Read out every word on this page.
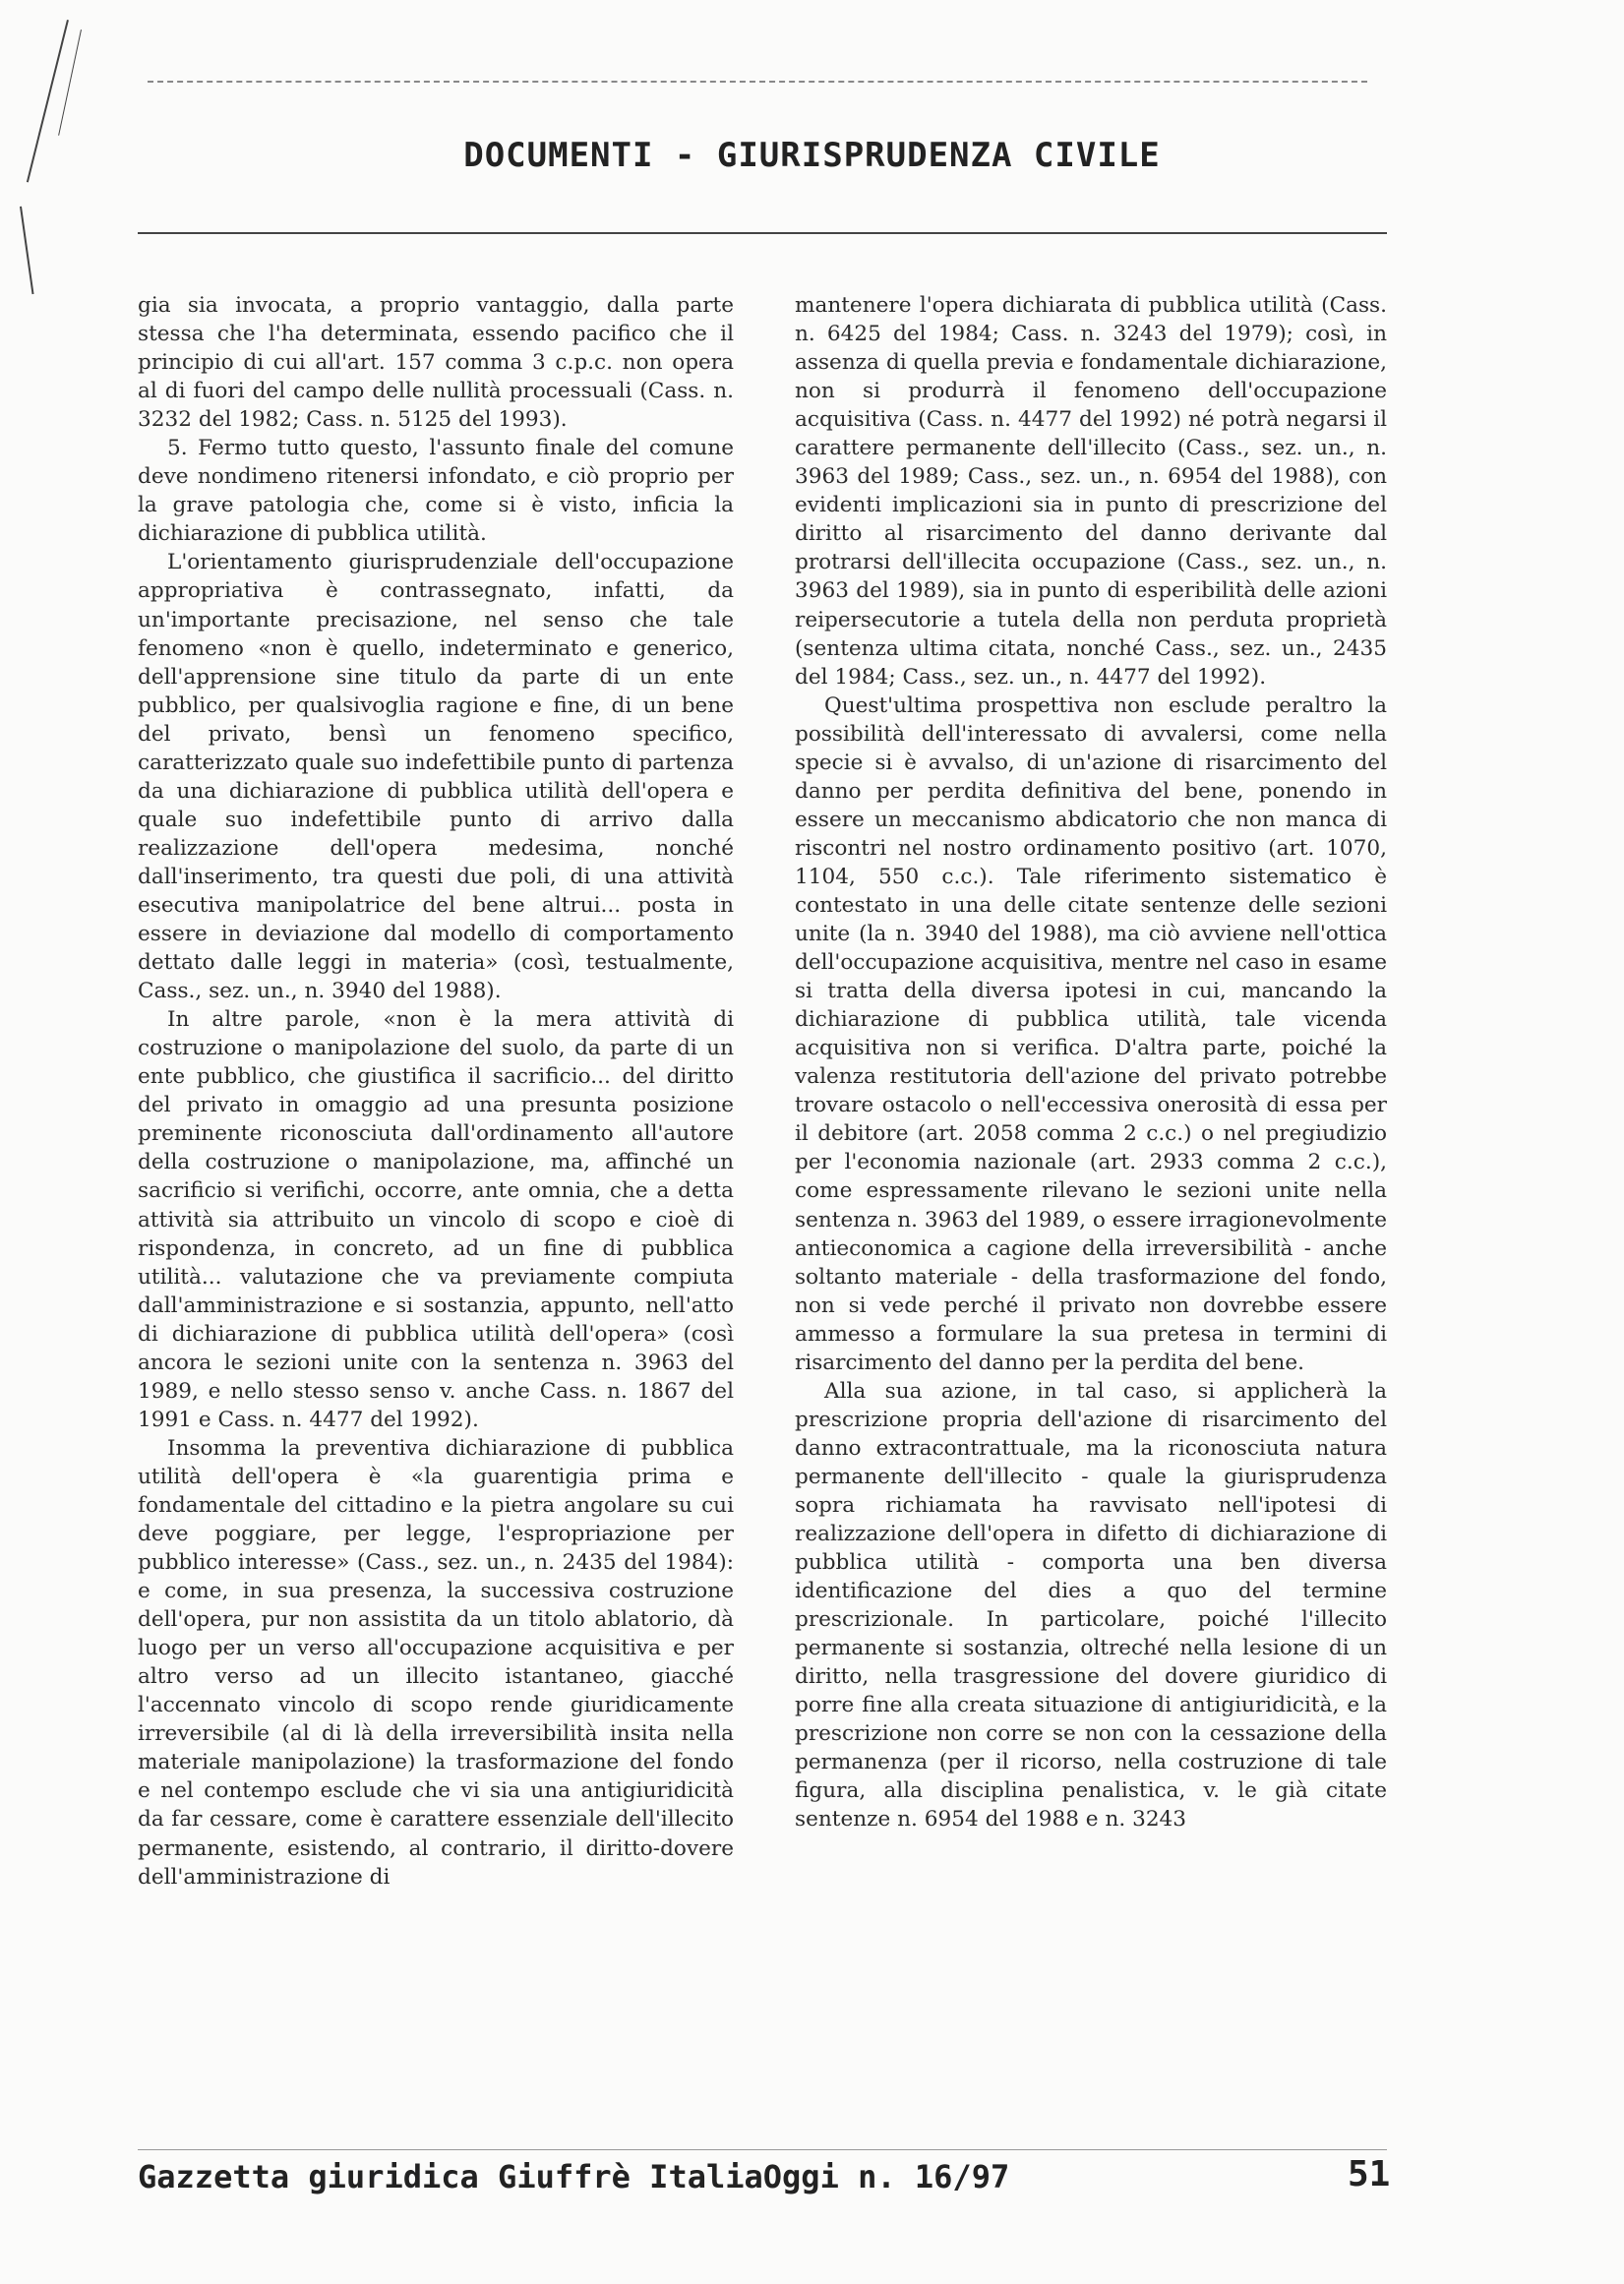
DOCUMENTI - GIURISPRUDENZA CIVILE

gia sia invocata, a proprio vantaggio, dalla parte stessa che l'ha determinata, essendo pacifico che il principio di cui all'art. 157 comma 3 c.p.c. non opera al di fuori del campo delle nullità processuali (Cass. n. 3232 del 1982; Cass. n. 5125 del 1993).

5. Fermo tutto questo, l'assunto finale del comune deve nondimeno ritenersi infondato, e ciò proprio per la grave patologia che, come si è visto, inficia la dichiarazione di pubblica utilità.

L'orientamento giurisprudenziale dell'occupazione appropriativa è contrassegnato, infatti, da un'importante precisazione, nel senso che tale fenomeno «non è quello, indeterminato e generico, dell'apprensione sine titulo da parte di un ente pubblico, per qualsivoglia ragione e fine, di un bene del privato, bensì un fenomeno specifico, caratterizzato quale suo indefettibile punto di partenza da una dichiarazione di pubblica utilità dell'opera e quale suo indefettibile punto di arrivo dalla realizzazione dell'opera medesima, nonché dall'inserimento, tra questi due poli, di una attività esecutiva manipolatrice del bene altrui... posta in essere in deviazione dal modello di comportamento dettato dalle leggi in materia» (così, testualmente, Cass., sez. un., n. 3940 del 1988).

In altre parole, «non è la mera attività di costruzione o manipolazione del suolo, da parte di un ente pubblico, che giustifica il sacrificio... del diritto del privato in omaggio ad una presunta posizione preminente riconosciuta dall'ordinamento all'autore della costruzione o manipolazione, ma, affinché un sacrificio si verifichi, occorre, ante omnia, che a detta attività sia attribuito un vincolo di scopo e cioè di rispondenza, in concreto, ad un fine di pubblica utilità... valutazione che va previamente compiuta dall'amministrazione e si sostanzia, appunto, nell'atto di dichiarazione di pubblica utilità dell'opera» (così ancora le sezioni unite con la sentenza n. 3963 del 1989, e nello stesso senso v. anche Cass. n. 1867 del 1991 e Cass. n. 4477 del 1992).

Insomma la preventiva dichiarazione di pubblica utilità dell'opera è «la guarentigia prima e fondamentale del cittadino e la pietra angolare su cui deve poggiare, per legge, l'espropriazione per pubblico interesse» (Cass., sez. un., n. 2435 del 1984): e come, in sua presenza, la successiva costruzione dell'opera, pur non assistita da un titolo ablatorio, dà luogo per un verso all'occupazione acquisitiva e per altro verso ad un illecito istantaneo, giacché l'accennato vincolo di scopo rende giuridicamente irreversibile (al di là della irreversibilità insita nella materiale manipolazione) la trasformazione del fondo e nel contempo esclude che vi sia una antigiuridicità da far cessare, come è carattere essenziale dell'illecito permanente, esistendo, al contrario, il diritto-dovere dell'amministrazione di

mantenere l'opera dichiarata di pubblica utilità (Cass. n. 6425 del 1984; Cass. n. 3243 del 1979); così, in assenza di quella previa e fondamentale dichiarazione, non si produrrà il fenomeno dell'occupazione acquisitiva (Cass. n. 4477 del 1992) né potrà negarsi il carattere permanente dell'illecito (Cass., sez. un., n. 3963 del 1989; Cass., sez. un., n. 6954 del 1988), con evidenti implicazioni sia in punto di prescrizione del diritto al risarcimento del danno derivante dal protrarsi dell'illecita occupazione (Cass., sez. un., n. 3963 del 1989), sia in punto di esperibilità delle azioni reipersecutorie a tutela della non perduta proprietà (sentenza ultima citata, nonché Cass., sez. un., 2435 del 1984; Cass., sez. un., n. 4477 del 1992).

Quest'ultima prospettiva non esclude peraltro la possibilità dell'interessato di avvalersi, come nella specie si è avvalso, di un'azione di risarcimento del danno per perdita definitiva del bene, ponendo in essere un meccanismo abdicatorio che non manca di riscontri nel nostro ordinamento positivo (art. 1070, 1104, 550 c.c.). Tale riferimento sistematico è contestato in una delle citate sentenze delle sezioni unite (la n. 3940 del 1988), ma ciò avviene nell'ottica dell'occupazione acquisitiva, mentre nel caso in esame si tratta della diversa ipotesi in cui, mancando la dichiarazione di pubblica utilità, tale vicenda acquisitiva non si verifica. D'altra parte, poiché la valenza restitutoria dell'azione del privato potrebbe trovare ostacolo o nell'eccessiva onerosità di essa per il debitore (art. 2058 comma 2 c.c.) o nel pregiudizio per l'economia nazionale (art. 2933 comma 2 c.c.), come espressamente rilevano le sezioni unite nella sentenza n. 3963 del 1989, o essere irragionevolmente antieconomica a cagione della irreversibilità - anche soltanto materiale - della trasformazione del fondo, non si vede perché il privato non dovrebbe essere ammesso a formulare la sua pretesa in termini di risarcimento del danno per la perdita del bene.

Alla sua azione, in tal caso, si applicherà la prescrizione propria dell'azione di risarcimento del danno extracontrattuale, ma la riconosciuta natura permanente dell'illecito - quale la giurisprudenza sopra richiamata ha ravvisato nell'ipotesi di realizzazione dell'opera in difetto di dichiarazione di pubblica utilità - comporta una ben diversa identificazione del dies a quo del termine prescrizionale. In particolare, poiché l'illecito permanente si sostanzia, oltreché nella lesione di un diritto, nella trasgressione del dovere giuridico di porre fine alla creata situazione di antigiuridicità, e la prescrizione non corre se non con la cessazione della permanenza (per il ricorso, nella costruzione di tale figura, alla disciplina penalistica, v. le già citate sentenze n. 6954 del 1988 e n. 3243

Gazzetta giuridica Giuffrè ItaliaOggi n. 16/97	51
